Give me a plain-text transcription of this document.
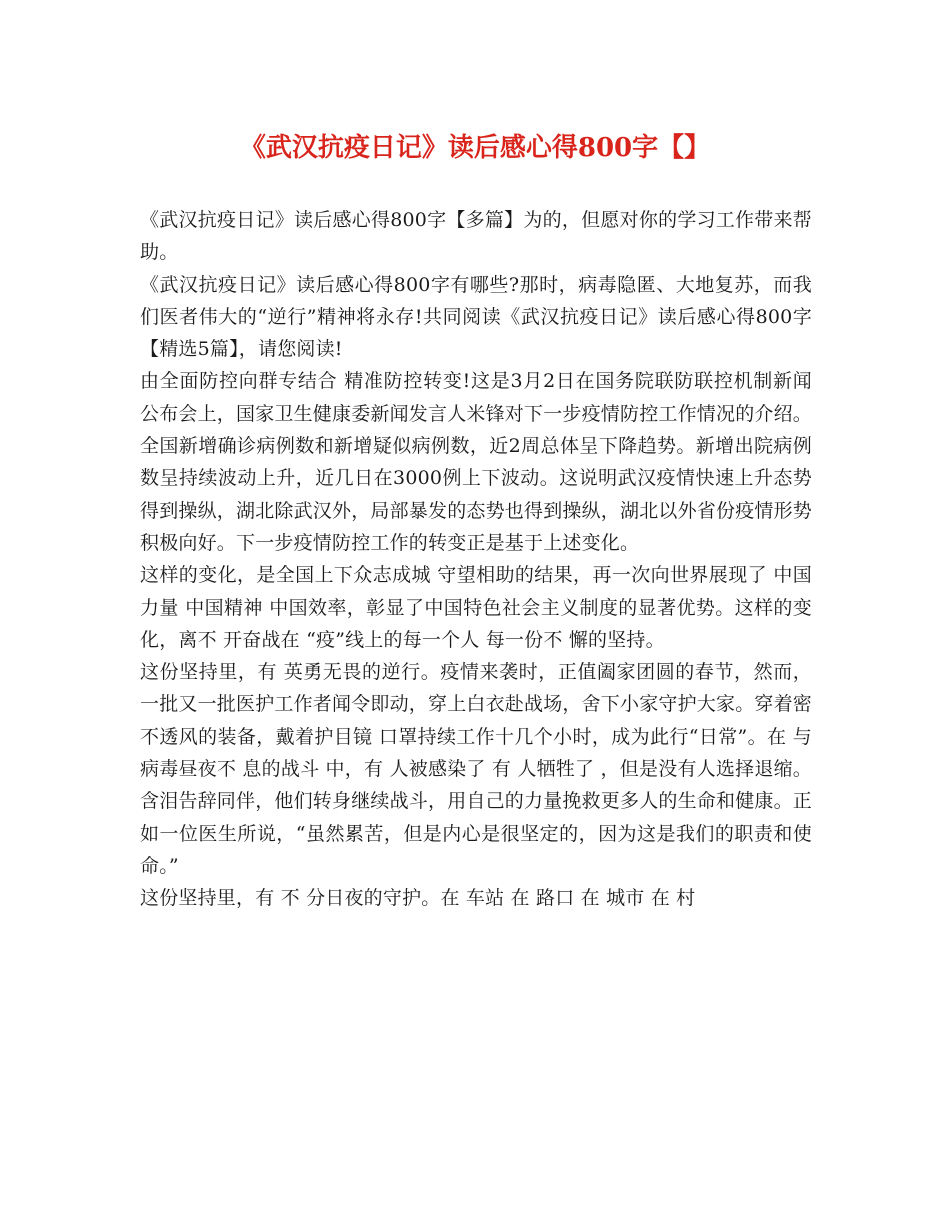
《武汉抗疫日记》读后感心得800字【】

《武汉抗疫日记》读后感心得800字【多篇】为的，但愿对你的学习工作带来帮助。

《武汉抗疫日记》读后感心得800字有哪些?那时，病毒隐匿、大地复苏，而我们医者伟大的“逆行”精神将永存!共同阅读《武汉抗疫日记》读后感心得800字【精选5篇】，请您阅读!

由全面防控向群专结合 精准防控转变!这是3月2日在国务院联防联控机制新闻公布会上，国家卫生健康委新闻发言人米锋对下一步疫情防控工作情况的介绍。

全国新增确诊病例数和新增疑似病例数，近2周总体呈下降趋势。新增出院病例数呈持续波动上升，近几日在3000例上下波动。这说明武汉疫情快速上升态势得到操纵，湖北除武汉外，局部暴发的态势也得到操纵，湖北以外省份疫情形势积极向好。下一步疫情防控工作的转变正是基于上述变化。

这样的变化，是全国上下众志成城 守望相助的结果，再一次向世界展现了 中国力量 中国精神 中国效率，彰显了中国特色社会主义制度的显著优势。这样的变化，离不 开奋战在 “疫”线上的每一个人 每一份不 懈的坚持。

这份坚持里，有 英勇无畏的逆行。疫情来袭时，正值阖家团圆的春节，然而，一批又一批医护工作者闻令即动，穿上白衣赴战场，舍下小家守护大家。穿着密不透风的装备，戴着护目镜 口罩持续工作十几个小时，成为此行“日常”。在 与病毒昼夜不 息的战斗 中，有 人被感染了 有 人牺牲了 ，但是没有人选择退缩。含泪告辞同伴，他们转身继续战斗，用自己的力量挽救更多人的生命和健康。正如一位医生所说，“虽然累苦，但是内心是很坚定的，因为这是我们的职责和使命。”

这份坚持里，有 不 分日夜的守护。在 车站 在 路口 在 城市 在 村
